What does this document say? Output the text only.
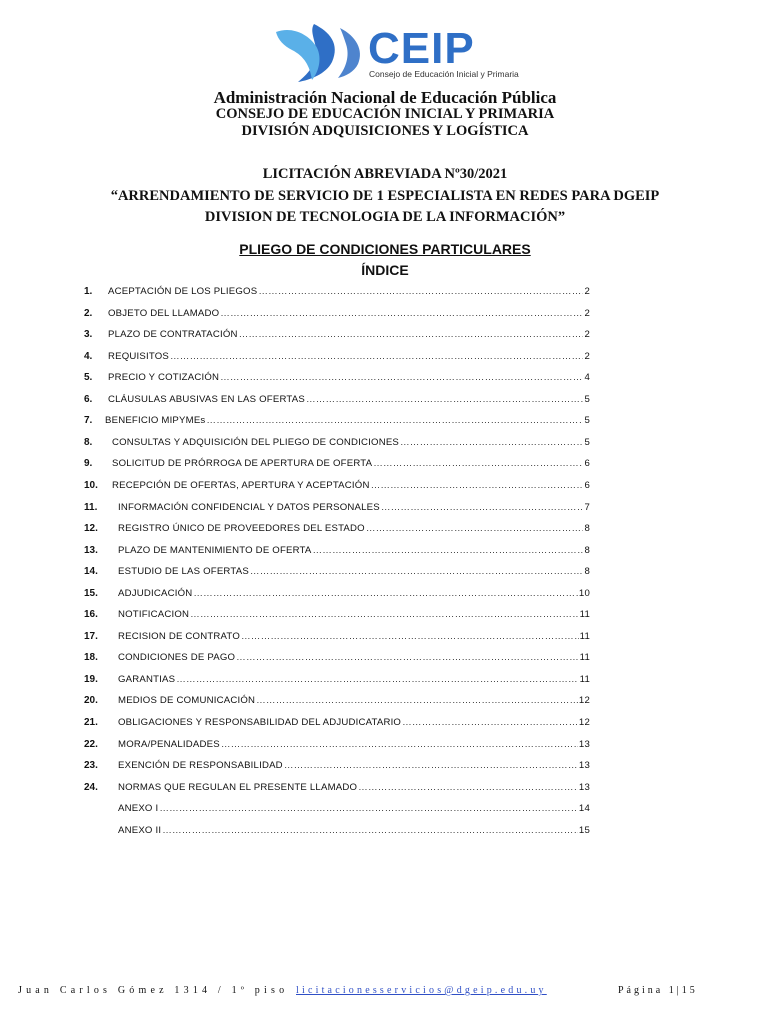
CEIP
Consejo de Educación Inicial y Primaria
Administración Nacional de Educación Pública
CONSEJO DE EDUCACIÓN INICIAL Y PRIMARIA
DIVISIÓN ADQUISICIONES Y LOGÍSTICA
LICITACIÓN ABREVIADA Nº30/2021
“ARRENDAMIENTO DE SERVICIO DE 1 ESPECIALISTA EN REDES PARA DGEIP
DIVISION DE TECNOLOGIA DE LA INFORMACIÓN”
PLIEGO DE CONDICIONES PARTICULARES
ÍNDICE
1. ACEPTACIÓN DE LOS PLIEGOS ………………………………………………………………………………………………………………………………………………………………………………………	2
2. OBJETO DEL LLAMADO ………………………………………………………………………………………………………………………………………………………………………………………	2
3. PLAZO DE CONTRATACIÓN ………………………………………………………………………………………………………………………………………………………………………………………	2
4. REQUISITOS ………………………………………………………………………………………………………………………………………………………………………………………	2
5. PRECIO Y COTIZACIÓN ………………………………………………………………………………………………………………………………………………………………………………………	4
6. CLÁUSULAS ABUSIVAS EN LAS OFERTAS ………………………………………………………………………………………………………………………………………………………………………………………	5
7. BENEFICIO MIPYMEs ………………………………………………………………………………………………………………………………………………………………………………………	5
8. CONSULTAS Y ADQUISICIÓN DEL PLIEGO DE CONDICIONES ………………………………………………………………………………………………………………………………………………………………………………………	5
9. SOLICITUD DE PRÓRROGA DE APERTURA DE OFERTA ………………………………………………………………………………………………………………………………………………………………………………………	6
10. RECEPCIÓN DE OFERTAS, APERTURA Y ACEPTACIÓN ………………………………………………………………………………………………………………………………………………………………………………………	6
11. INFORMACIÓN CONFIDENCIAL Y DATOS PERSONALES ………………………………………………………………………………………………………………………………………………………………………………………	7
12. REGISTRO ÚNICO DE PROVEEDORES DEL ESTADO ………………………………………………………………………………………………………………………………………………………………………………………	8
13. PLAZO DE MANTENIMIENTO DE OFERTA ………………………………………………………………………………………………………………………………………………………………………………………	8
14. ESTUDIO DE LAS OFERTAS ………………………………………………………………………………………………………………………………………………………………………………………	8
15. ADJUDICACIÓN ………………………………………………………………………………………………………………………………………………………………………………………	10
16. NOTIFICACION ………………………………………………………………………………………………………………………………………………………………………………………	11
17. RECISION DE CONTRATO ………………………………………………………………………………………………………………………………………………………………………………………	11
18. CONDICIONES DE PAGO ………………………………………………………………………………………………………………………………………………………………………………………	11
19. GARANTIAS ………………………………………………………………………………………………………………………………………………………………………………………	11
20. MEDIOS DE COMUNICACIÓN ………………………………………………………………………………………………………………………………………………………………………………………	12
21. OBLIGACIONES Y RESPONSABILIDAD DEL ADJUDICATARIO ………………………………………………………………………………………………………………………………………………………………………………………	12
22. MORA/PENALIDADES ………………………………………………………………………………………………………………………………………………………………………………………	13
23. EXENCIÓN DE RESPONSABILIDAD ………………………………………………………………………………………………………………………………………………………………………………………	13
24. NORMAS QUE REGULAN EL PRESENTE LLAMADO ………………………………………………………………………………………………………………………………………………………………………………………	13
ANEXO I ………………………………………………………………………………………………………………………………………………………………………………………	14
ANEXO II ………………………………………………………………………………………………………………………………………………………………………………………	15
Juan Carlos Gómez 1314 / 1º piso licitacionesservicios@dgeip.edu.uy	Página 1|15
